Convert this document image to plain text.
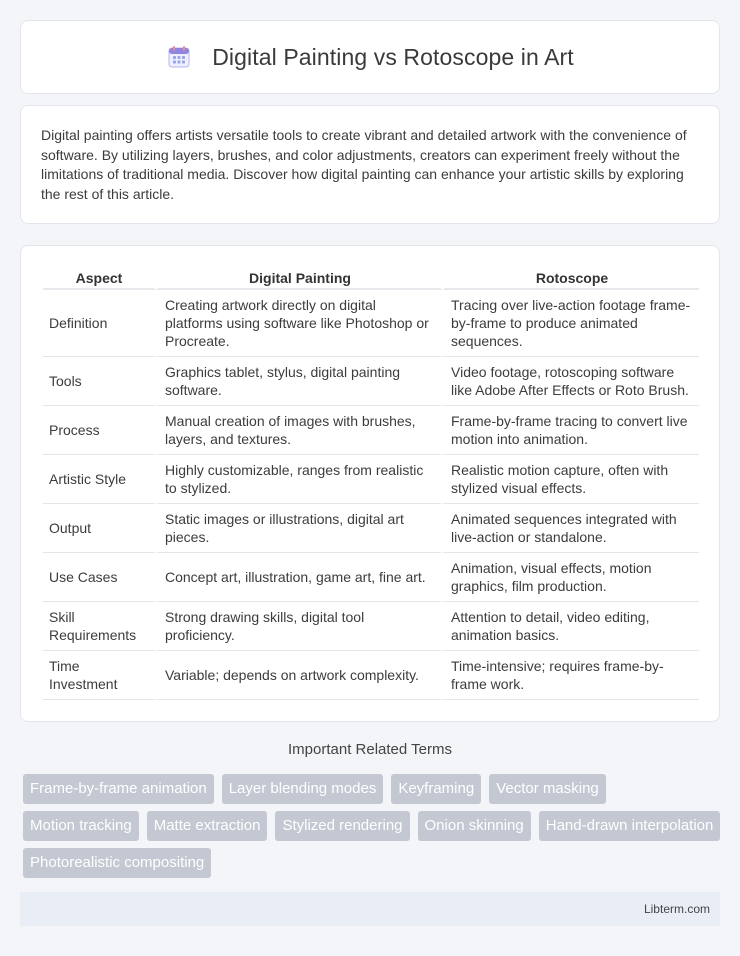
Digital Painting vs Rotoscope in Art

Digital painting offers artists versatile tools to create vibrant and detailed artwork with the convenience of software. By utilizing layers, brushes, and color adjustments, creators can experiment freely without the limitations of traditional media. Discover how digital painting can enhance your artistic skills by exploring the rest of this article.

Aspect	Digital Painting	Rotoscope
Definition	Creating artwork directly on digital platforms using software like Photoshop or Procreate.	Tracing over live-action footage frame-by-frame to produce animated sequences.
Tools	Graphics tablet, stylus, digital painting software.	Video footage, rotoscoping software like Adobe After Effects or Roto Brush.
Process	Manual creation of images with brushes, layers, and textures.	Frame-by-frame tracing to convert live motion into animation.
Artistic Style	Highly customizable, ranges from realistic to stylized.	Realistic motion capture, often with stylized visual effects.
Output	Static images or illustrations, digital art pieces.	Animated sequences integrated with live-action or standalone.
Use Cases	Concept art, illustration, game art, fine art.	Animation, visual effects, motion graphics, film production.
Skill Requirements	Strong drawing skills, digital tool proficiency.	Attention to detail, video editing, animation basics.
Time Investment	Variable; depends on artwork complexity.	Time-intensive; requires frame-by-frame work.
Important Related Terms
Frame-by-frame animation	Layer blending modes	Keyframing	Vector masking
Motion tracking	Matte extraction	Stylized rendering	Onion skinning	Hand-drawn interpolation
Photorealistic compositing
Libterm.com
